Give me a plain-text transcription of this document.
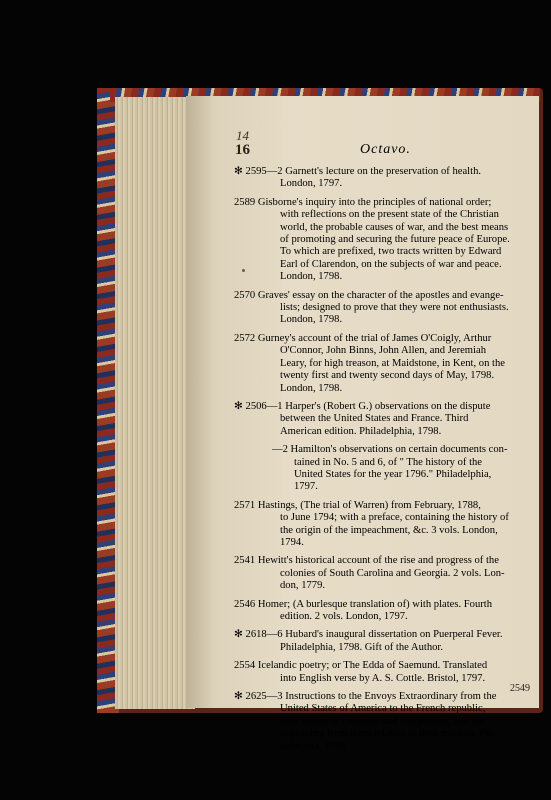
14
16	Octavo.
✻ 2595—2 Garnett's lecture on the preservation of health.
London, 1797.
2589 Gisborne's inquiry into the principles of national order;
with reflections on the present state of the Christian
world, the probable causes of war, and the best means
of promoting and securing the future peace of Europe.
To which are prefixed, two tracts written by Edward
Earl of Clarendon, on the subjects of war and peace.
London, 1798.
2570 Graves' essay on the character of the apostles and evange-
lists; designed to prove that they were not enthusiasts.
London, 1798.
2572 Gurney's account of the trial of James O'Coigly, Arthur
O'Connor, John Binns, John Allen, and Jeremiah
Leary, for high treason, at Maidstone, in Kent, on the
twenty first and twenty second days of May, 1798.
London, 1798.
✻ 2506—1 Harper's (Robert G.) observations on the dispute
between the United States and France. Third
American edition. Philadelphia, 1798.
—2 Hamilton's observations on certain documents con-
tained in No. 5 and 6, of " The history of the
United States for the year 1796." Philadelphia,
1797.
2571 Hastings, (The trial of Warren) from February, 1788,
to June 1794; with a preface, containing the history of
the origin of the impeachment, &c. 3 vols. London,
1794.
2541 Hewitt's historical account of the rise and progress of the
colonies of South Carolina and Georgia. 2 vols. Lon-
don, 1779.
2546 Homer; (A burlesque translation of) with plates. Fourth
edition. 2 vols. London, 1797.
✻ 2618—6 Hubard's inaugural dissertation on Puerperal Fever.
Philadelphia, 1798. Gift of the Author.
2554 Icelandic poetry; or The Edda of Saemund. Translated
into English verse by A. S. Cottle. Bristol, 1797.
✻ 2625—3 Instructions to the Envoys Extraordinary from the
United States of America to the French republic,
their letters of credence and full powers, and the
dispatches from them relative to their mission. Phi-
ladelphia, 1798.
2549
